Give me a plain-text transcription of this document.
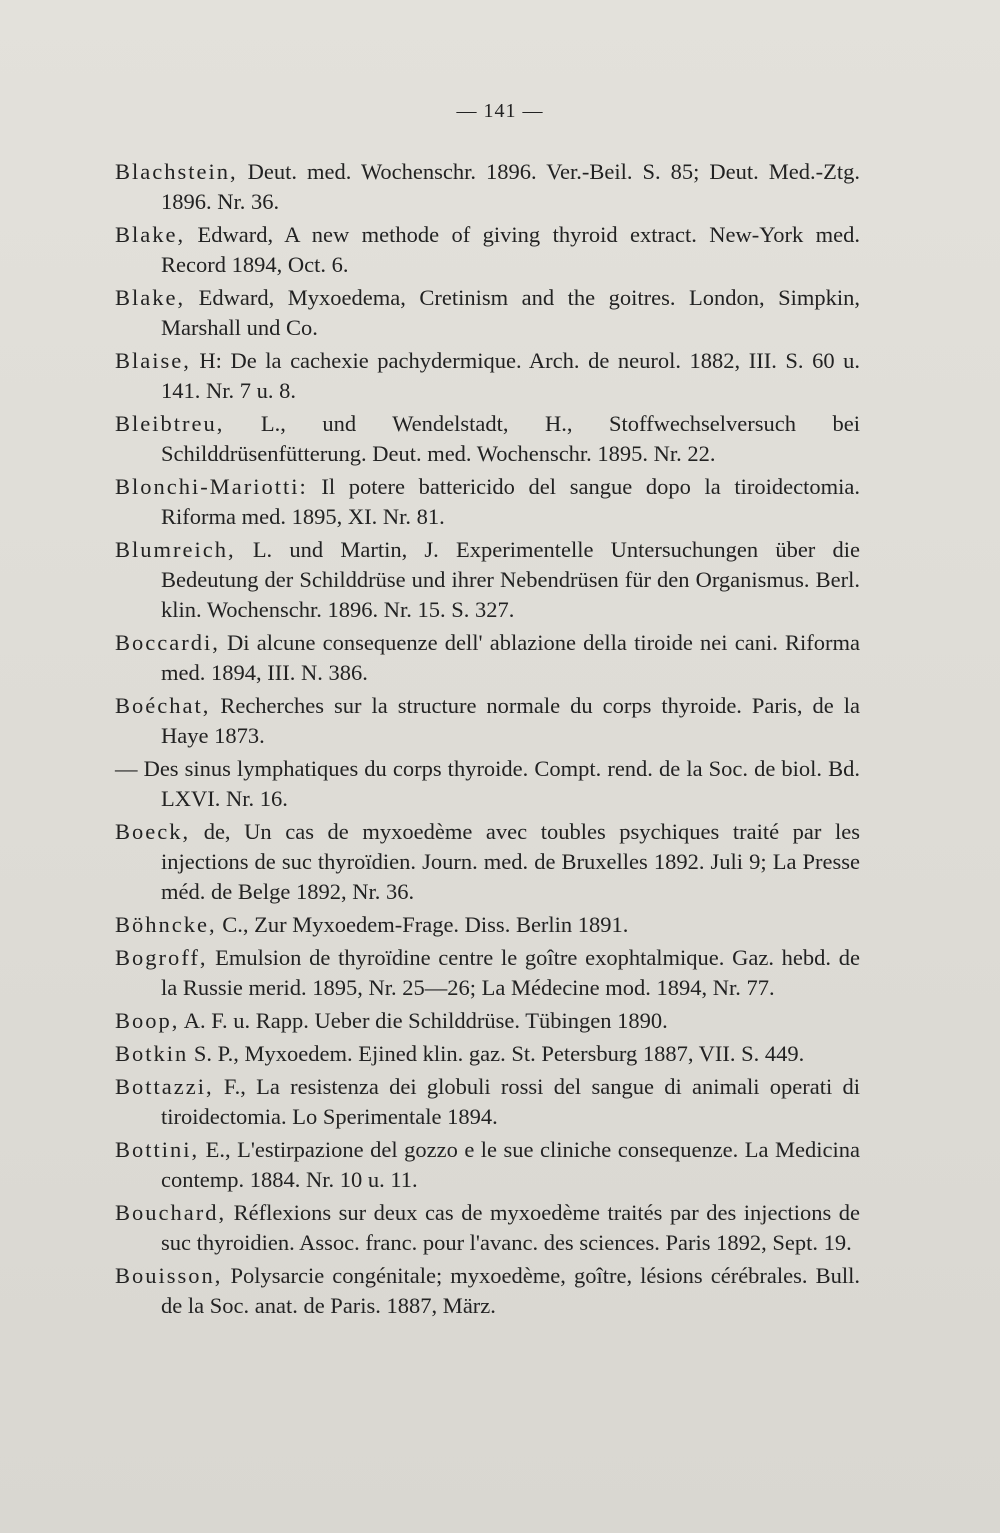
— 141 —
Blachstein, Deut. med. Wochenschr. 1896. Ver.-Beil. S. 85; Deut. Med.-Ztg. 1896. Nr. 36.
Blake, Edward, A new methode of giving thyroid extract. New-York med. Record 1894, Oct. 6.
Blake, Edward, Myxoedema, Cretinism and the goitres. London, Simpkin, Marshall und Co.
Blaise, H: De la cachexie pachydermique. Arch. de neurol. 1882, III. S. 60 u. 141. Nr. 7 u. 8.
Bleibtreu, L., und Wendelstadt, H., Stoffwechselversuch bei Schilddrüsenfütterung. Deut. med. Wochenschr. 1895. Nr. 22.
Blonchi-Mariotti: Il potere battericido del sangue dopo la tiroidectomia. Riforma med. 1895, XI. Nr. 81.
Blumreich, L. und Martin, J. Experimentelle Untersuchungen über die Bedeutung der Schilddrüse und ihrer Nebendrüsen für den Organismus. Berl. klin. Wochenschr. 1896. Nr. 15. S. 327.
Boccardi, Di alcune consequenze dell' ablazione della tiroide nei cani. Riforma med. 1894, III. N. 386.
Boéchat, Recherches sur la structure normale du corps thyroide. Paris, de la Haye 1873.
— Des sinus lymphatiques du corps thyroide. Compt. rend. de la Soc. de biol. Bd. LXVI. Nr. 16.
Boeck, de, Un cas de myxoedème avec toubles psychiques traité par les injections de suc thyroïdien. Journ. med. de Bruxelles 1892. Juli 9; La Presse méd. de Belge 1892, Nr. 36.
Böhncke, C., Zur Myxoedem-Frage. Diss. Berlin 1891.
Bogroff, Emulsion de thyroïdine centre le goître exophtalmique. Gaz. hebd. de la Russie merid. 1895, Nr. 25—26; La Médecine mod. 1894, Nr. 77.
Boop, A. F. u. Rapp. Ueber die Schilddrüse. Tübingen 1890.
Botkin S. P., Myxoedem. Ejined klin. gaz. St. Petersburg 1887, VII. S. 449.
Bottazzi, F., La resistenza dei globuli rossi del sangue di animali operati di tiroidectomia. Lo Sperimentale 1894.
Bottini, E., L'estirpazione del gozzo e le sue cliniche consequenze. La Medicina contemp. 1884. Nr. 10 u. 11.
Bouchard, Réflexions sur deux cas de myxoedème traités par des injections de suc thyroidien. Assoc. franc. pour l'avanc. des sciences. Paris 1892, Sept. 19.
Bouisson, Polysarcie congénitale; myxoedème, goître, lésions cérébrales. Bull. de la Soc. anat. de Paris. 1887, März.
